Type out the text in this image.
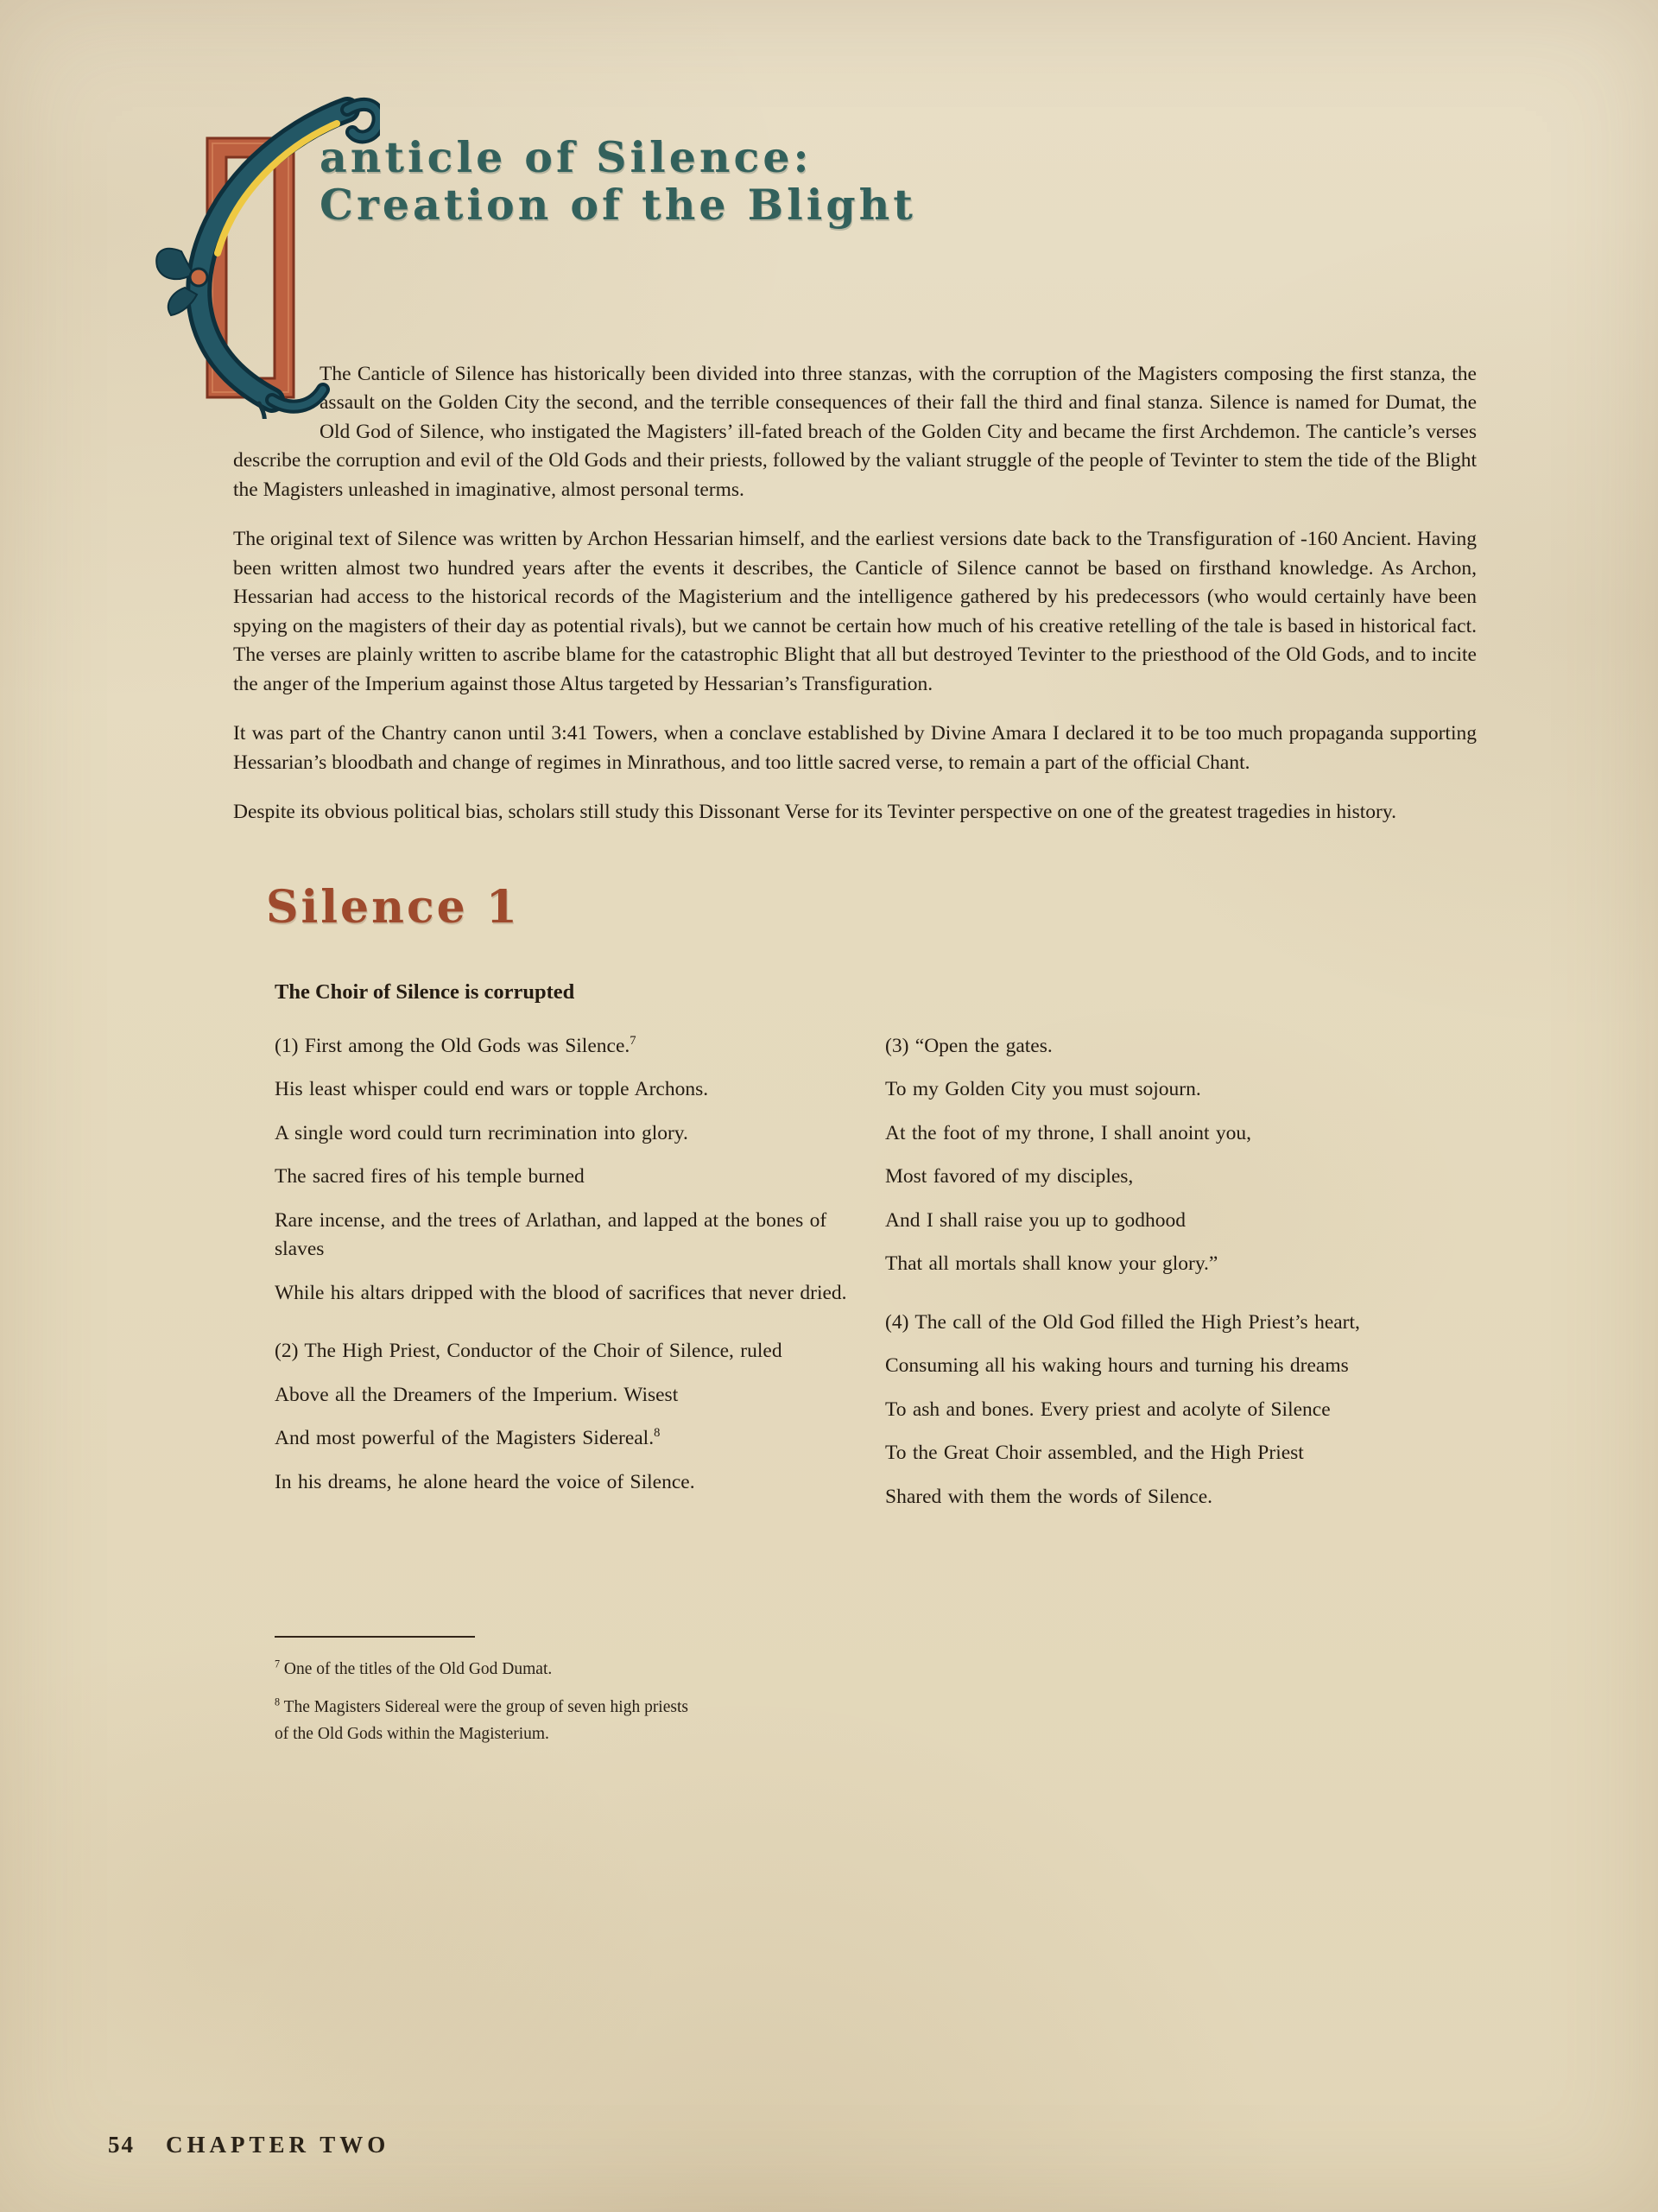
anticle of Silence:
Creation of the Blight

The Canticle of Silence has historically been divided into three stanzas, with the corruption of the Magisters composing the first stanza, the assault on the Golden City the second, and the terrible consequences of their fall the third and final stanza. Silence is named for Dumat, the Old God of Silence, who instigated the Magisters’ ill-fated breach of the Golden City and became the first Archdemon. The canticle’s verses describe the corruption and evil of the Old Gods and their priests, followed by the valiant struggle of the people of Tevinter to stem the tide of the Blight the Magisters unleashed in imaginative, almost personal terms.

The original text of Silence was written by Archon Hessarian himself, and the earliest versions date back to the Transfiguration of -160 Ancient. Having been written almost two hundred years after the events it describes, the Canticle of Silence cannot be based on firsthand knowledge. As Archon, Hessarian had access to the historical records of the Magisterium and the intelligence gathered by his predecessors (who would certainly have been spying on the magisters of their day as potential rivals), but we cannot be certain how much of his creative retelling of the tale is based in historical fact. The verses are plainly written to ascribe blame for the catastrophic Blight that all but destroyed Tevinter to the priesthood of the Old Gods, and to incite the anger of the Imperium against those Altus targeted by Hessarian’s Transfiguration.

It was part of the Chantry canon until 3:41 Towers, when a conclave established by Divine Amara I declared it to be too much propaganda supporting Hessarian’s bloodbath and change of regimes in Minrathous, and too little sacred verse, to remain a part of the official Chant.

Despite its obvious political bias, scholars still study this Dissonant Verse for its Tevinter perspective on one of the greatest tragedies in history.

Silence 1
The Choir of Silence is corrupted

(1) First among the Old Gods was Silence.$^7$

His least whisper could end wars or topple Archons.

A single word could turn recrimination into glory.

The sacred fires of his temple burned

Rare incense, and the trees of Arlathan, and lapped at the bones of slaves

While his altars dripped with the blood of sacrifices that never dried.

(2) The High Priest, Conductor of the Choir of Silence, ruled

Above all the Dreamers of the Imperium. Wisest

And most powerful of the Magisters Sidereal.$^8$

In his dreams, he alone heard the voice of Silence.

(3) “Open the gates.

To my Golden City you must sojourn.

At the foot of my throne, I shall anoint you,

Most favored of my disciples,

And I shall raise you up to godhood

That all mortals shall know your glory.”

(4) The call of the Old God filled the High Priest’s heart,

Consuming all his waking hours and turning his dreams

To ash and bones. Every priest and acolyte of Silence

To the Great Choir assembled, and the High Priest

Shared with them the words of Silence.

$^7$ One of the titles of the Old God Dumat.

$^8$ The Magisters Sidereal were the group of seven high priests of the Old Gods within the Magisterium.

54 CHAPTER TWO
